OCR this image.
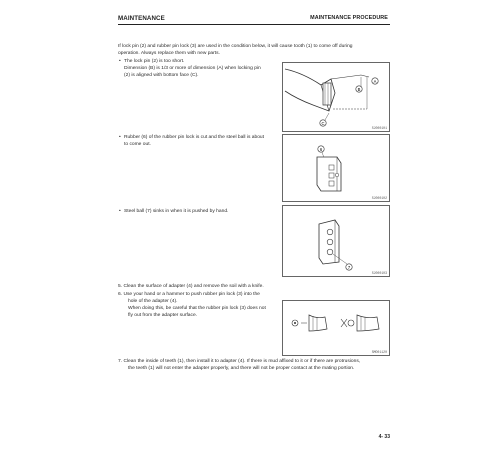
MAINTENANCE	MAINTENANCE PROCEDURE
If lock pin (2) and rubber pin lock (3) are used in the condition below, it will cause tooth (1) to come off during
operation. Always replace them with new parts.
• The lock pin (2) is too short.
Dimension (B) is 1/3 or more of dimension (A) when locking pin
(2) is aligned with bottom face (C).
A
B
C
SJ000101
• Rubber (6) of the rubber pin lock is cut and the steel ball is about
to come out.
6
SJ000102
• Steel ball (7) sinks in when it is pushed by hand.
7
SJ000103
5. Clean the surface of adapter (4) and remove the soil with a knife.
6. Use your hand or a hammer to push rubber pin lock (3) into the
hole of the adapter (4).
When doing this, be careful that the rubber pin lock (3) does not
fly out from the adapter surface.
SMO01120
7. Clean the inside of teeth (1), then install it to adapter (4). If there is mud affixed to it or if there are protrusions,
the teeth (1) will not enter the adapter properly, and there will not be proper contact at the mating portion.
4- 33
